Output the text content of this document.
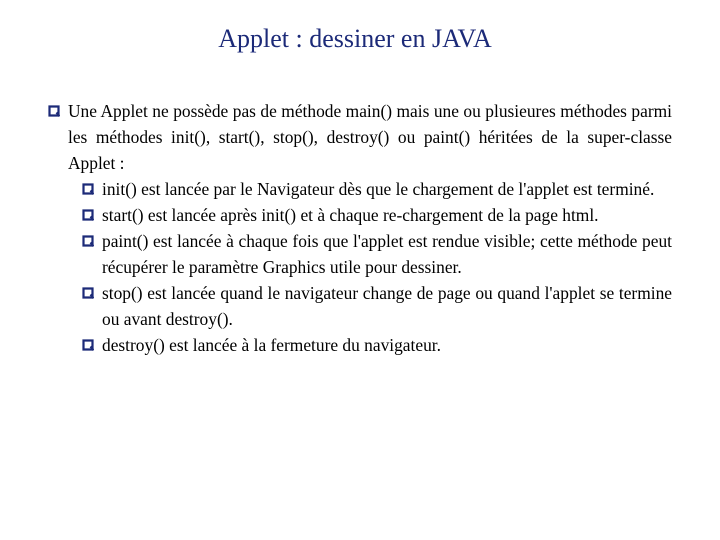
Applet : dessiner en JAVA
Une Applet ne possède pas de méthode main() mais une ou plusieures méthodes parmi les méthodes init(), start(), stop(), destroy() ou paint() héritées de la super-classe Applet :
init() est lancée par le Navigateur dès que le chargement de l'applet est terminé.
start() est lancée après init() et à chaque re-chargement de la page html.
paint() est lancée à chaque fois que l'applet est rendue visible; cette méthode peut récupérer le paramètre Graphics utile pour dessiner.
stop() est lancée quand le navigateur change de page ou quand l'applet se termine ou avant destroy().
destroy() est lancée à la fermeture du navigateur.
